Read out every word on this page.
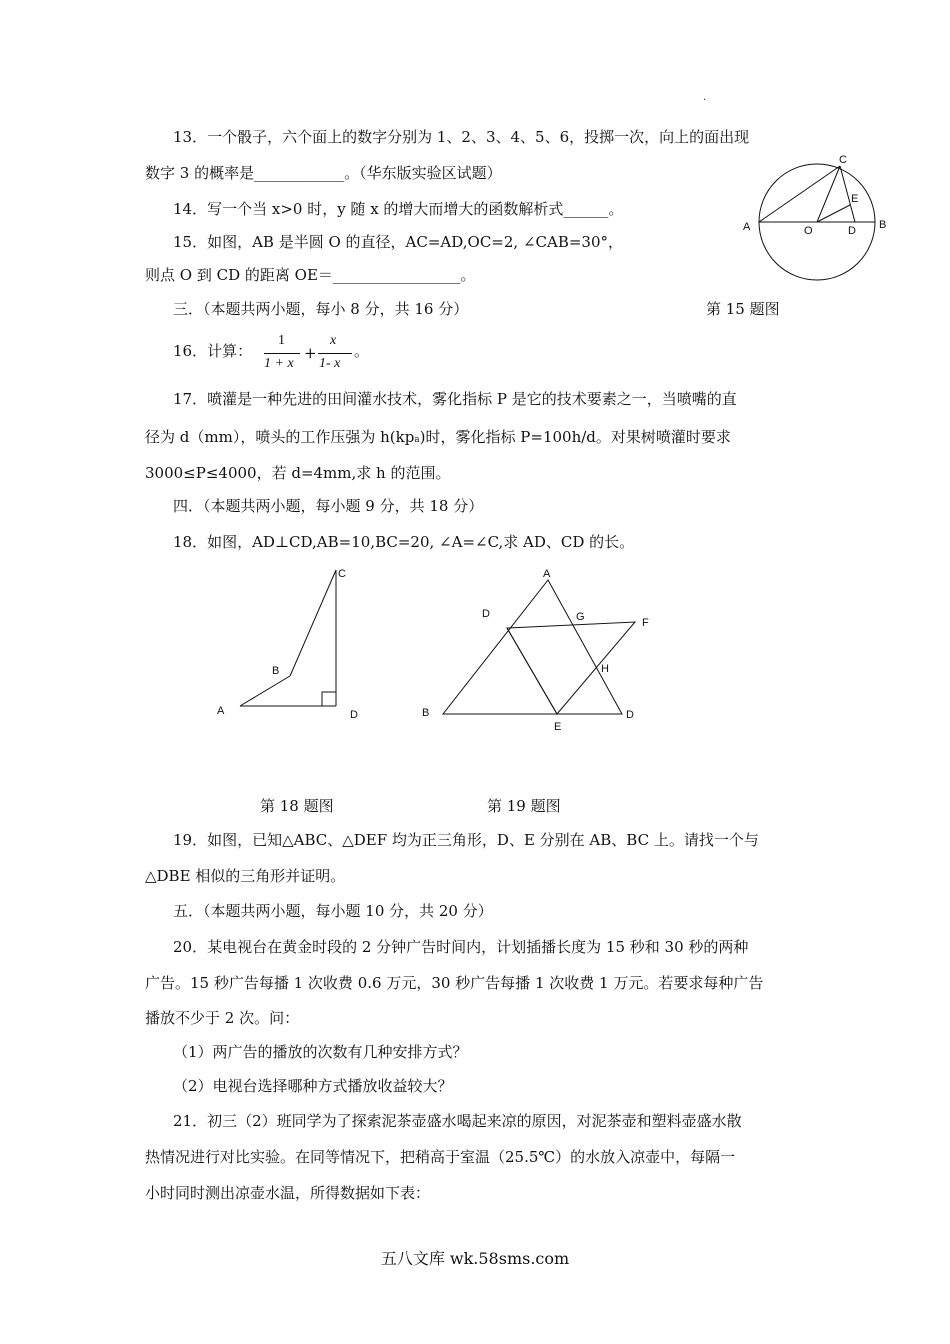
.
13．一个骰子，六个面上的数字分别为 1、2、3、4、5、6，投掷一次，向上的面出现
数字 3 的概率是____________。（华东版实验区试题）
14．写一个当 x>0 时，y 随 x 的增大而增大的函数解析式______。
15．如图，AB 是半圆 O 的直径，AC=AD,OC=2, ∠CAB=30°，
则点 O 到 CD 的距离 OE＝_________________。
C
E
A	O	D B
三．（本题共两小题，每小 8 分，共 16 分）	第 15 题图
16．计算：
1
1 + x
+
x
1- x
。
17．喷灌是一种先进的田间灌水技术，雾化指标 P 是它的技术要素之一，当喷嘴的直
径为 d（mm），喷头的工作压强为 h(kpa)时，雾化指标 P=100h/d。对果树喷灌时要求
3000≤P≤4000，若 d=4mm,求 h 的范围。
四．（本题共两小题，每小题 9 分，共 18 分）
18．如图，AD⊥CD,AB=10,BC=20, ∠A=∠C,求 AD、CD 的长。
C
B
A	D
A
D	G	F
H
B	D
E
第 18 题图	第 19 题图
19．如图，已知△ABC、△DEF 均为正三角形，D、E 分别在 AB、BC 上。请找一个与
△DBE 相似的三角形并证明。
五．（本题共两小题，每小题 10 分，共 20 分）
20．某电视台在黄金时段的 2 分钟广告时间内，计划插播长度为 15 秒和 30 秒的两种
广告。15 秒广告每播 1 次收费 0.6 万元，30 秒广告每播 1 次收费 1 万元。若要求每种广告
播放不少于 2 次。问：
（1）两广告的播放的次数有几种安排方式？
（2）电视台选择哪种方式播放收益较大？
21．初三（2）班同学为了探索泥茶壶盛水喝起来凉的原因，对泥茶壶和塑料壶盛水散
热情况进行对比实验。在同等情况下，把稍高于室温（25.5℃）的水放入凉壶中，每隔一
小时同时测出凉壶水温，所得数据如下表：
五八文库 wk.58sms.com
